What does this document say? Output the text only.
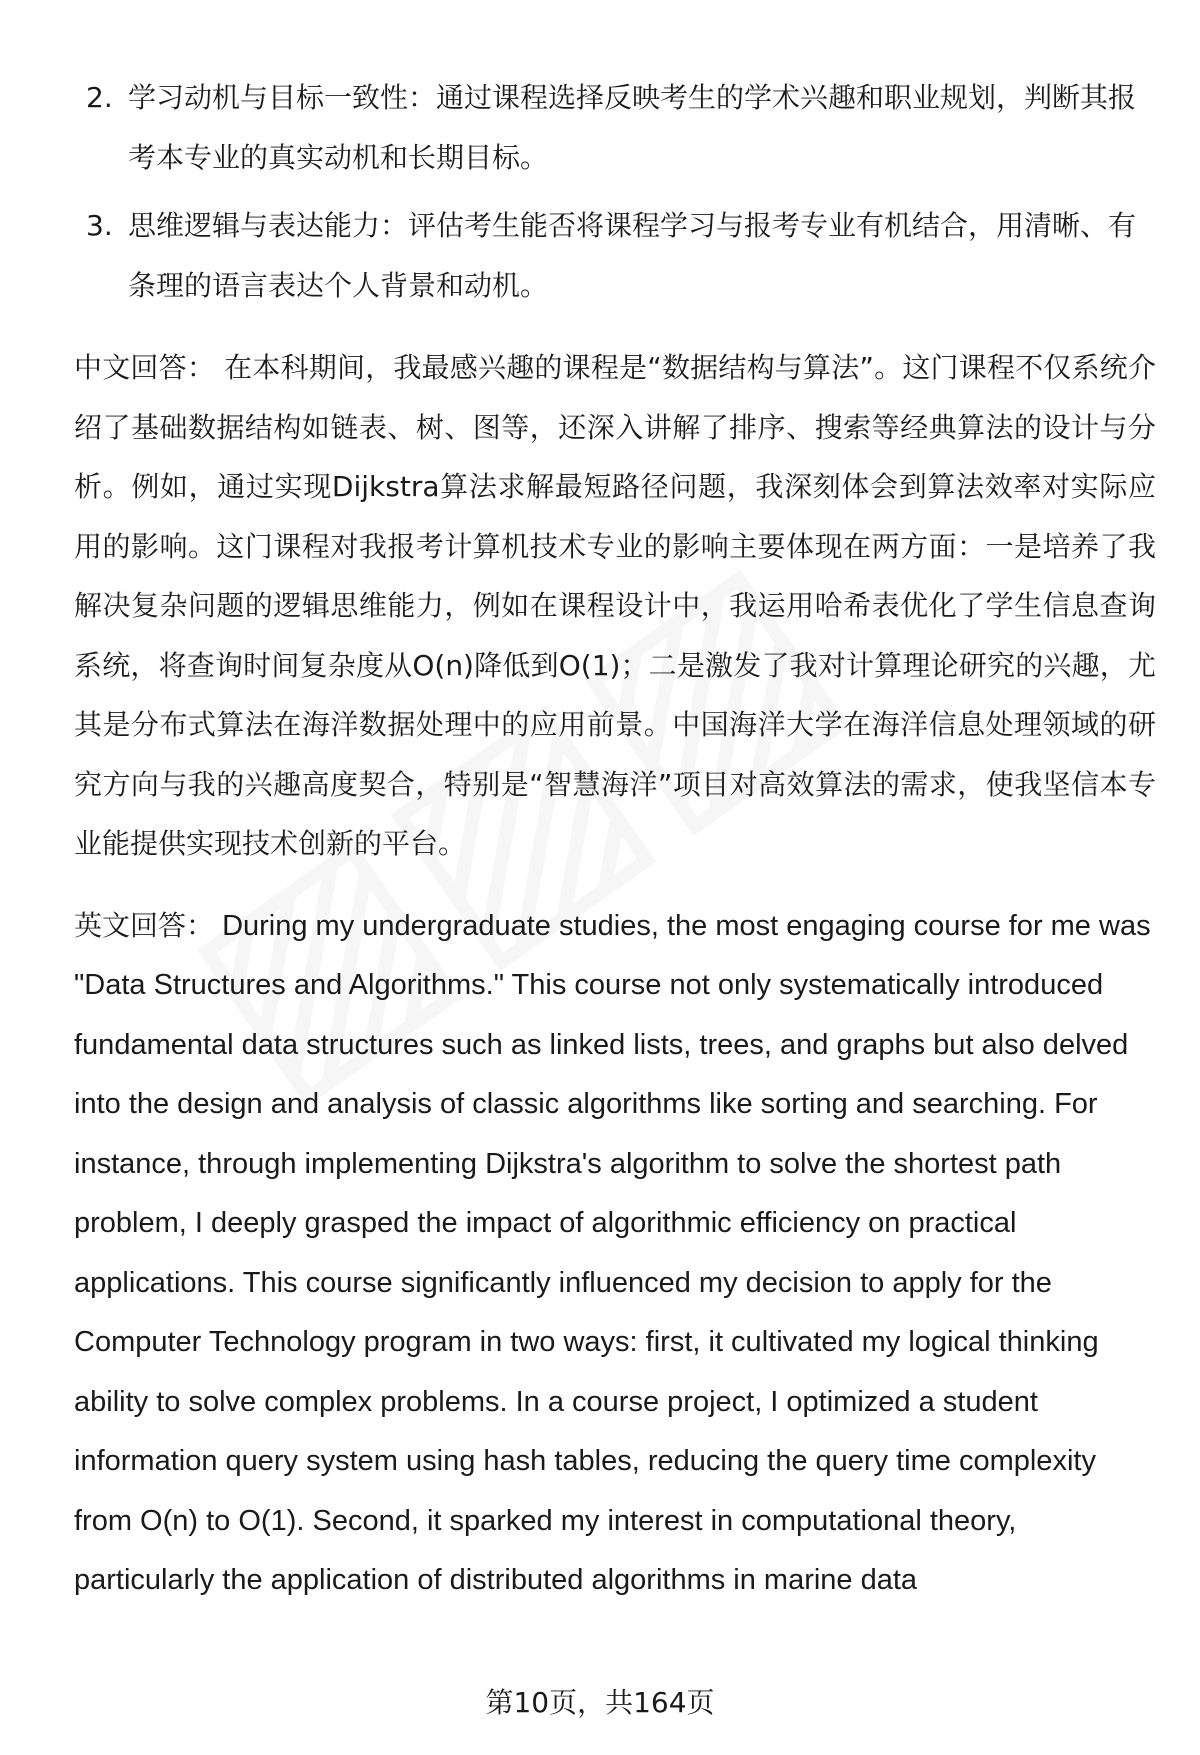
2. 学习动机与目标一致性：通过课程选择反映考生的学术兴趣和职业规划，判断其报考本专业的真实动机和长期目标。
3. 思维逻辑与表达能力：评估考生能否将课程学习与报考专业有机结合，用清晰、有条理的语言表达个人背景和动机。

中文回答： 在本科期间，我最感兴趣的课程是“数据结构与算法”。这门课程不仅系统介绍了基础数据结构如链表、树、图等，还深入讲解了排序、搜索等经典算法的设计与分析。例如，通过实现Dijkstra算法求解最短路径问题，我深刻体会到算法效率对实际应用的影响。这门课程对我报考计算机技术专业的影响主要体现在两方面：一是培养了我解决复杂问题的逻辑思维能力，例如在课程设计中，我运用哈希表优化了学生信息查询系统，将查询时间复杂度从O(n)降低到O(1)；二是激发了我对计算理论研究的兴趣，尤其是分布式算法在海洋数据处理中的应用前景。中国海洋大学在海洋信息处理领域的研究方向与我的兴趣高度契合，特别是“智慧海洋”项目对高效算法的需求，使我坚信本专业能提供实现技术创新的平台。

英文回答： During my undergraduate studies, the most engaging course for me was "Data Structures and Algorithms." This course not only systematically introduced fundamental data structures such as linked lists, trees, and graphs but also delved into the design and analysis of classic algorithms like sorting and searching. For instance, through implementing Dijkstra's algorithm to solve the shortest path problem, I deeply grasped the impact of algorithmic efficiency on practical applications. This course significantly influenced my decision to apply for the Computer Technology program in two ways: first, it cultivated my logical thinking ability to solve complex problems. In a course project, I optimized a student information query system using hash tables, reducing the query time complexity from O(n) to O(1). Second, it sparked my interest in computational theory, particularly the application of distributed algorithms in marine data

第10页，共164页
